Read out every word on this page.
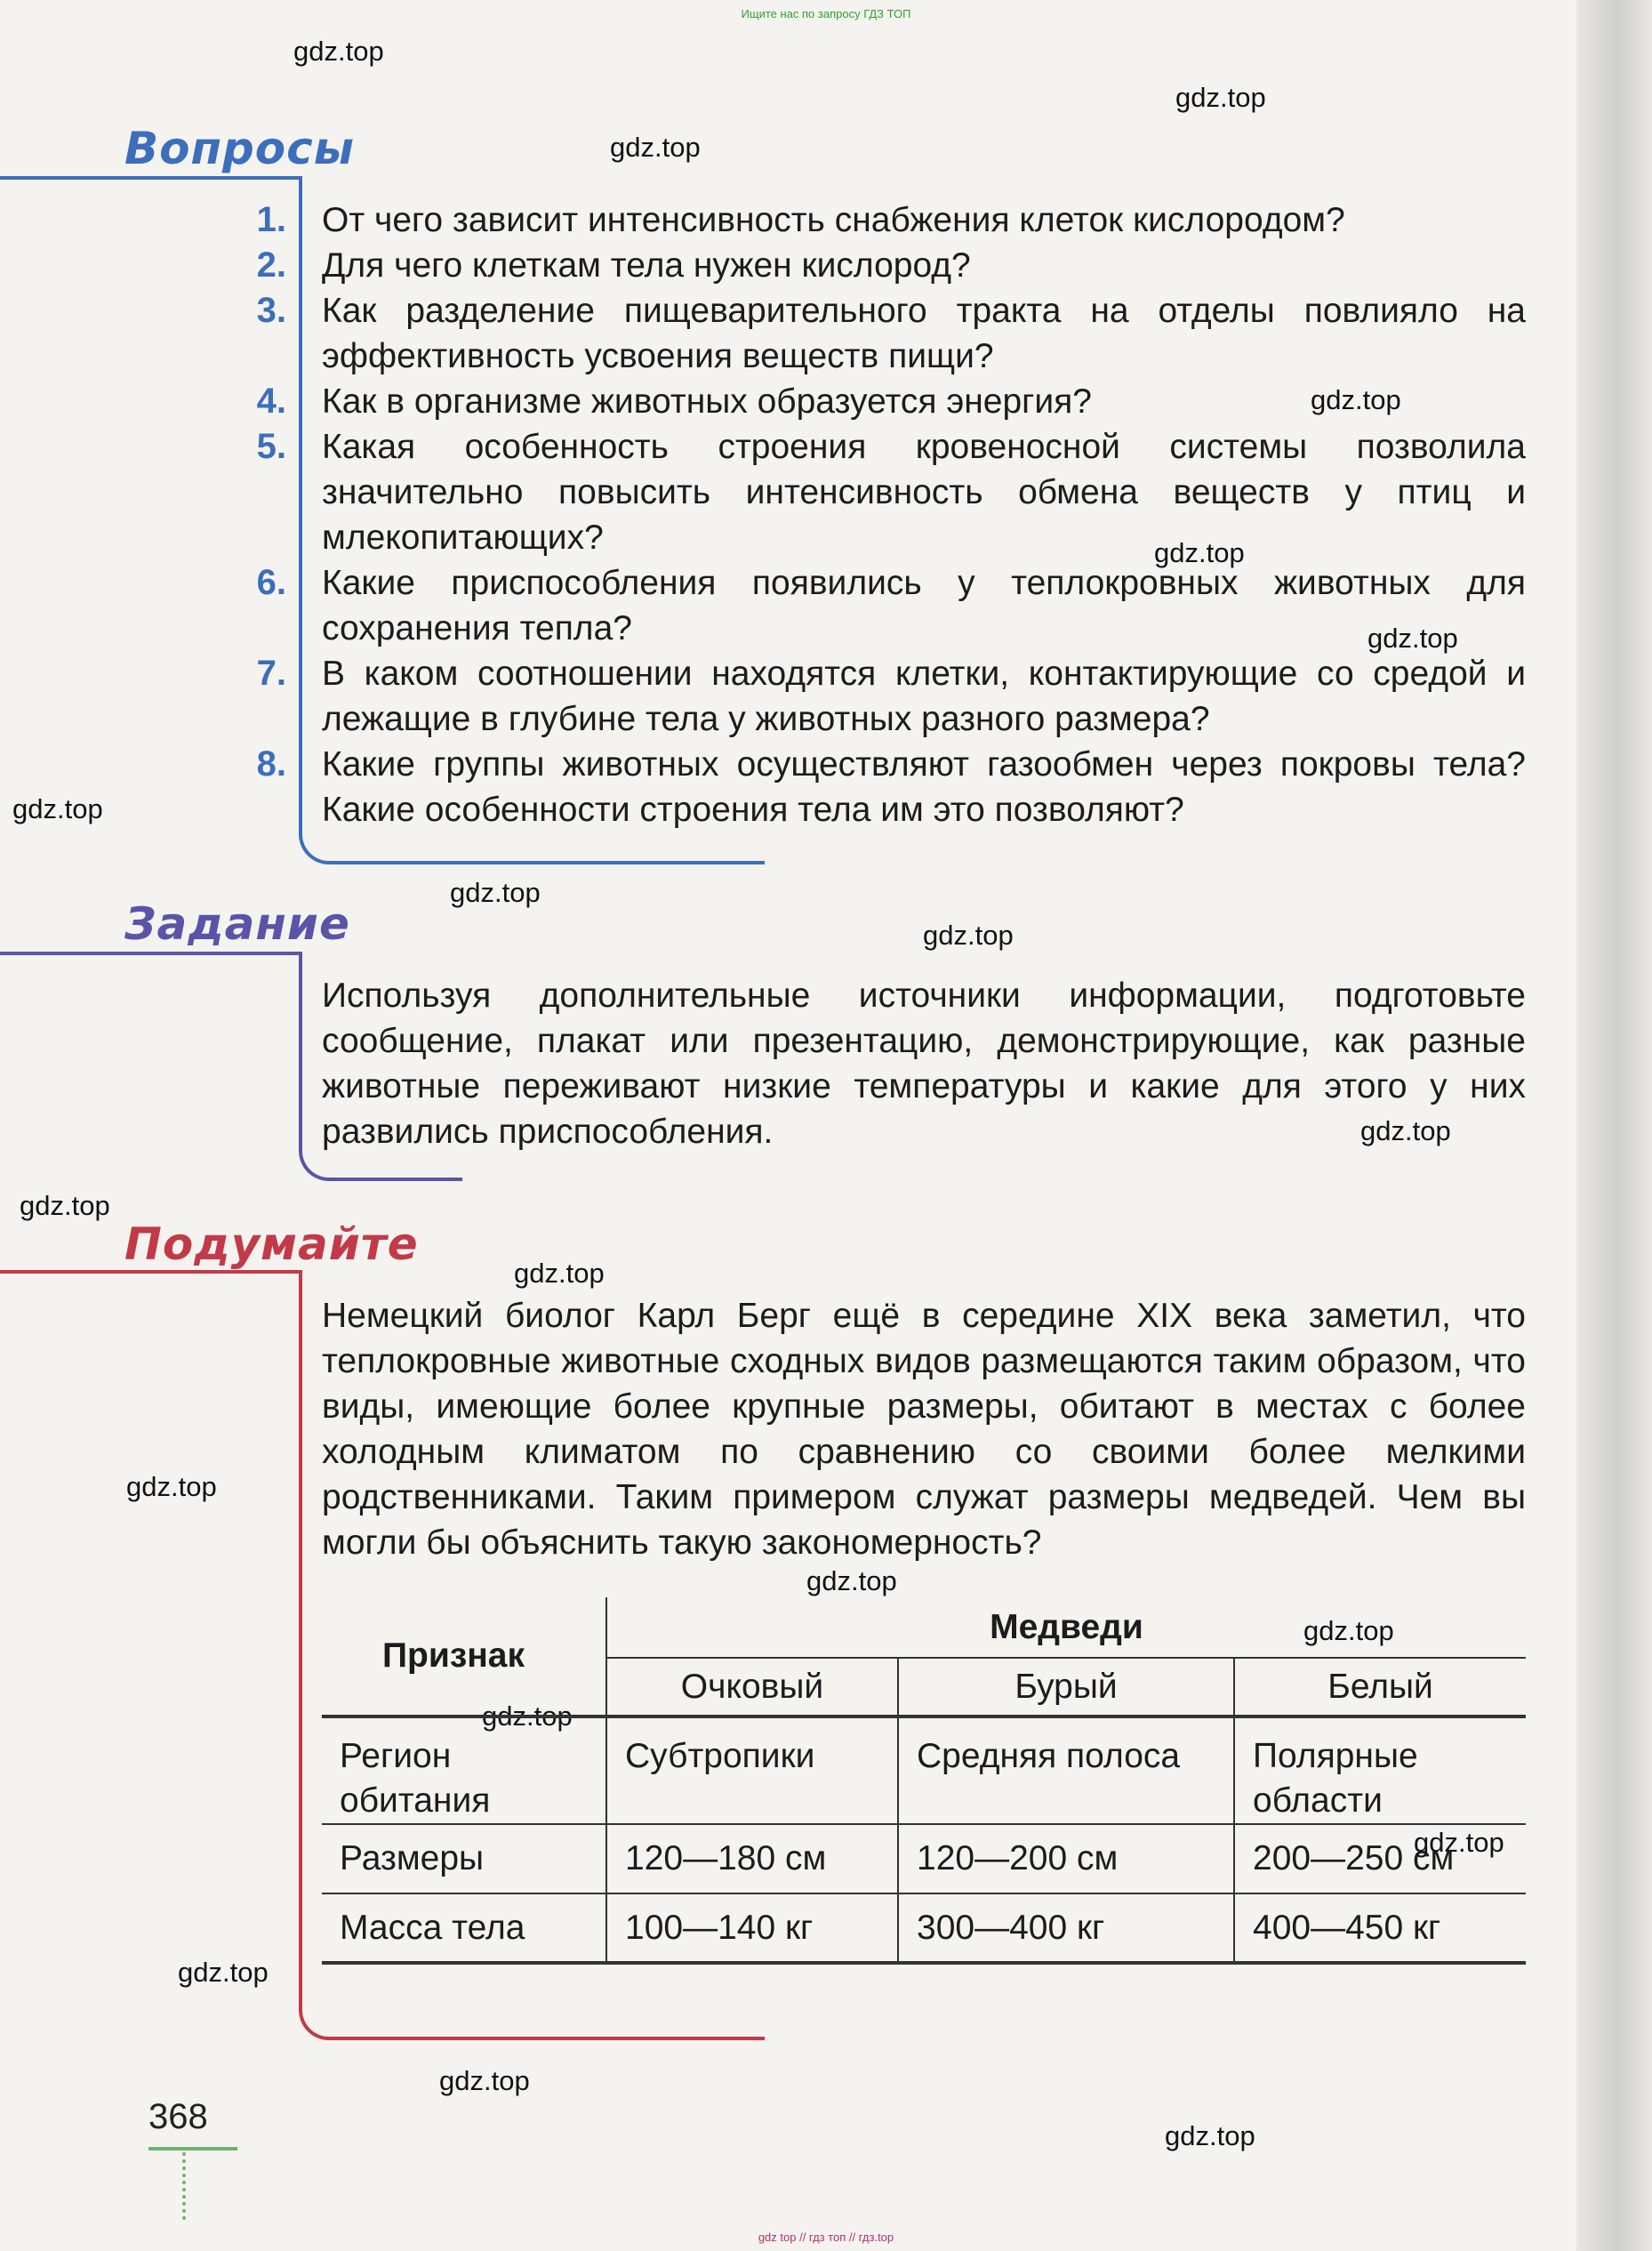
Ищите нас по запросу ГДЗ ТОП
gdz.top
gdz.top
gdz.top
gdz.top
gdz.top
gdz.top
gdz.top
gdz.top
gdz.top
gdz.top
gdz.top
gdz.top
gdz.top
gdz.top
gdz.top
gdz.top
gdz.top
gdz.top
gdz.top
gdz.top
Вопросы
1. От чего зависит интенсивность снабжения клеток кислородом?
2. Для чего клеткам тела нужен кислород?
3. Как разделение пищеварительного тракта на отделы повлияло на эффективность усвоения веществ пищи?
4. Как в организме животных образуется энергия?
5. Какая особенность строения кровеносной системы позволила значительно повысить интенсивность обмена веществ у птиц и млекопитающих?
6. Какие приспособления появились у теплокровных животных для сохранения тепла?
7. В каком соотношении находятся клетки, контактирующие со средой и лежащие в глубине тела у животных разного размера?
8. Какие группы животных осуществляют газообмен через покровы тела? Какие особенности строения тела им это позволяют?
Задание

Используя дополнительные источники информации, подготовьте сообщение, плакат или презентацию, демонстрирующие, как разные животные переживают низкие температуры и какие для этого у них развились приспособления.

Подумайте

Немецкий биолог Карл Берг ещё в середине XIX века заметил, что теплокровные животные сходных видов размещаются таким образом, что виды, имеющие более крупные размеры, обитают в местах с более холодным климатом по сравнению со своими более мелкими родственниками. Таким примером служат размеры медведей. Чем вы могли бы объяснить такую закономерность?

Признак	Медведи		
	Очковый	Бурый	Белый
Регион обитания	Субтропики	Средняя полоса	Полярные области
Размеры	120—180 см	120—200 см	200—250 см
Масса тела	100—140 кг	300—400 кг	400—450 кг
368
gdz top // гдз топ // гдз.top
